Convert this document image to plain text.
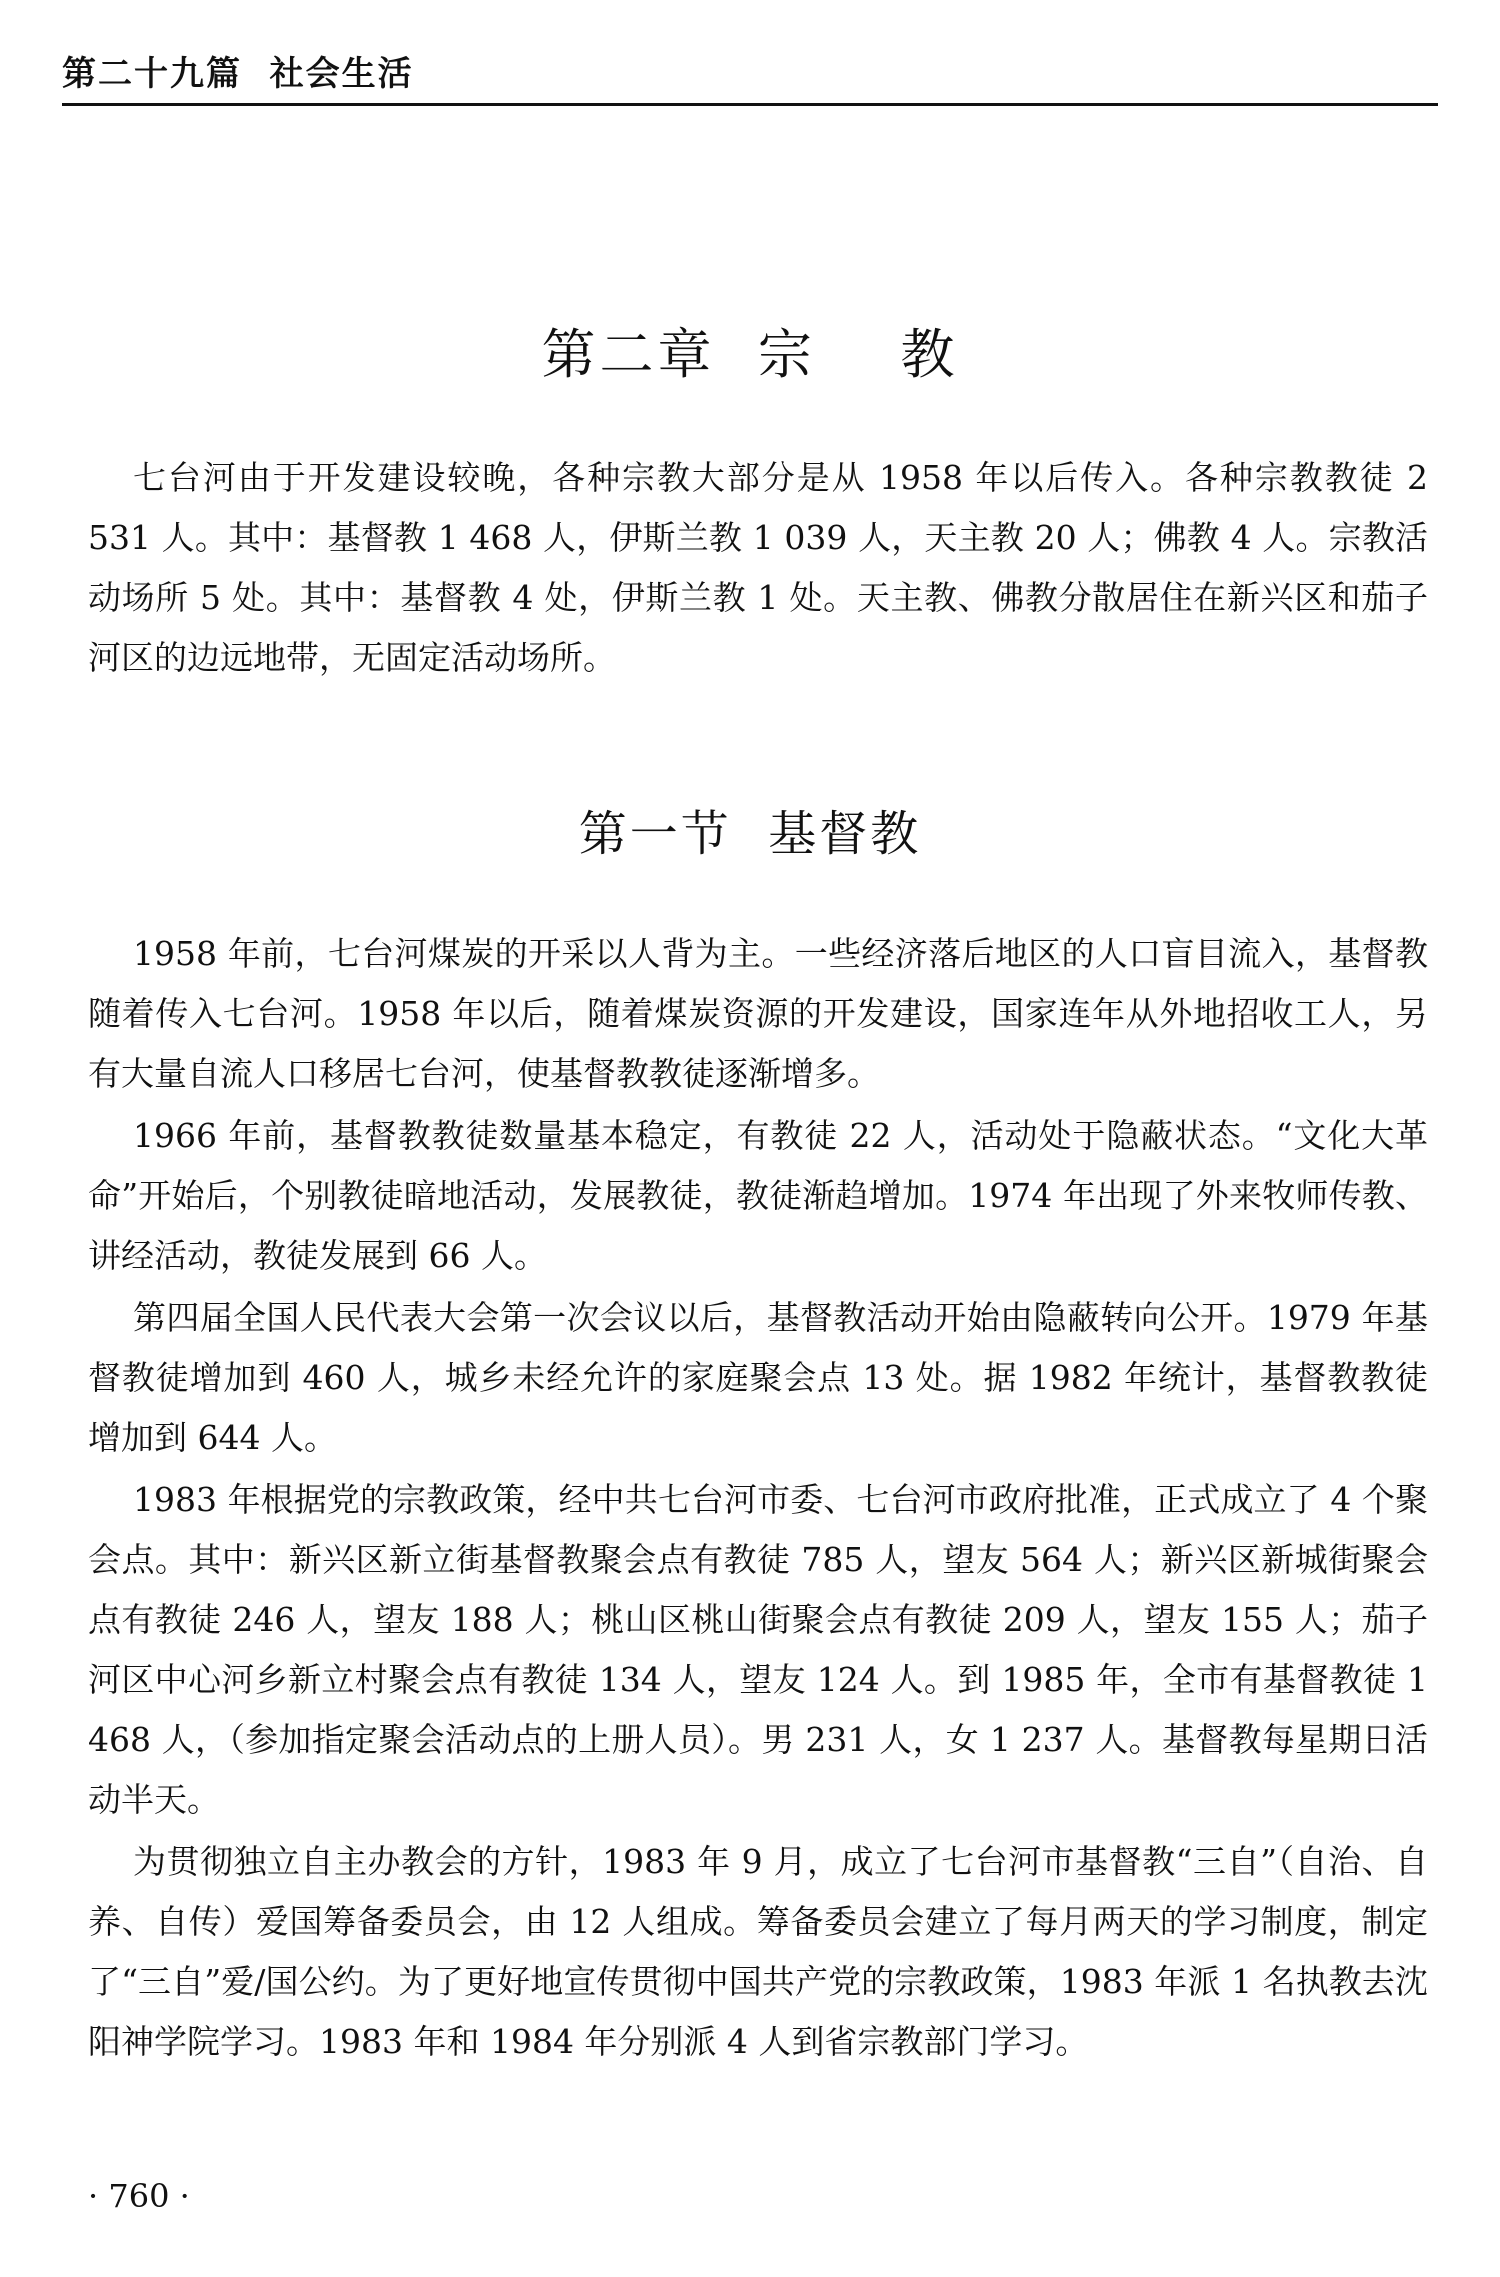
第二十九篇  社会生活
第二章  宗    教

七台河由于开发建设较晚，各种宗教大部分是从 1958 年以后传入。各种宗教教徒 2 531 人。其中：基督教 1 468 人，伊斯兰教 1 039 人，天主教 20 人；佛教 4 人。宗教活动场所 5 处。其中：基督教 4 处，伊斯兰教 1 处。天主教、佛教分散居住在新兴区和茄子河区的边远地带，无固定活动场所。

第一节  基督教

1958 年前，七台河煤炭的开采以人背为主。一些经济落后地区的人口盲目流入，基督教随着传入七台河。1958 年以后，随着煤炭资源的开发建设，国家连年从外地招收工人，另有大量自流人口移居七台河，使基督教教徒逐渐增多。

1966 年前，基督教教徒数量基本稳定，有教徒 22 人，活动处于隐蔽状态。“文化大革命”开始后，个别教徒暗地活动，发展教徒，教徒渐趋增加。1974 年出现了外来牧师传教、讲经活动，教徒发展到 66 人。

第四届全国人民代表大会第一次会议以后，基督教活动开始由隐蔽转向公开。1979 年基督教徒增加到 460 人，城乡未经允许的家庭聚会点 13 处。据 1982 年统计，基督教教徒增加到 644 人。

1983 年根据党的宗教政策，经中共七台河市委、七台河市政府批准，正式成立了 4 个聚会点。其中：新兴区新立街基督教聚会点有教徒 785 人，望友 564 人；新兴区新城街聚会点有教徒 246 人，望友 188 人；桃山区桃山街聚会点有教徒 209 人，望友 155 人；茄子河区中心河乡新立村聚会点有教徒 134 人，望友 124 人。到 1985 年，全市有基督教徒 1 468 人，（参加指定聚会活动点的上册人员）。男 231 人，女 1 237 人。基督教每星期日活动半天。

为贯彻独立自主办教会的方针，1983 年 9 月，成立了七台河市基督教“三自”（自治、自养、自传）爱国筹备委员会，由 12 人组成。筹备委员会建立了每月两天的学习制度，制定了“三自”爱/国公约。为了更好地宣传贯彻中国共产党的宗教政策，1983 年派 1 名执教去沈阳神学院学习。1983 年和 1984 年分别派 4 人到省宗教部门学习。

· 760 ·
